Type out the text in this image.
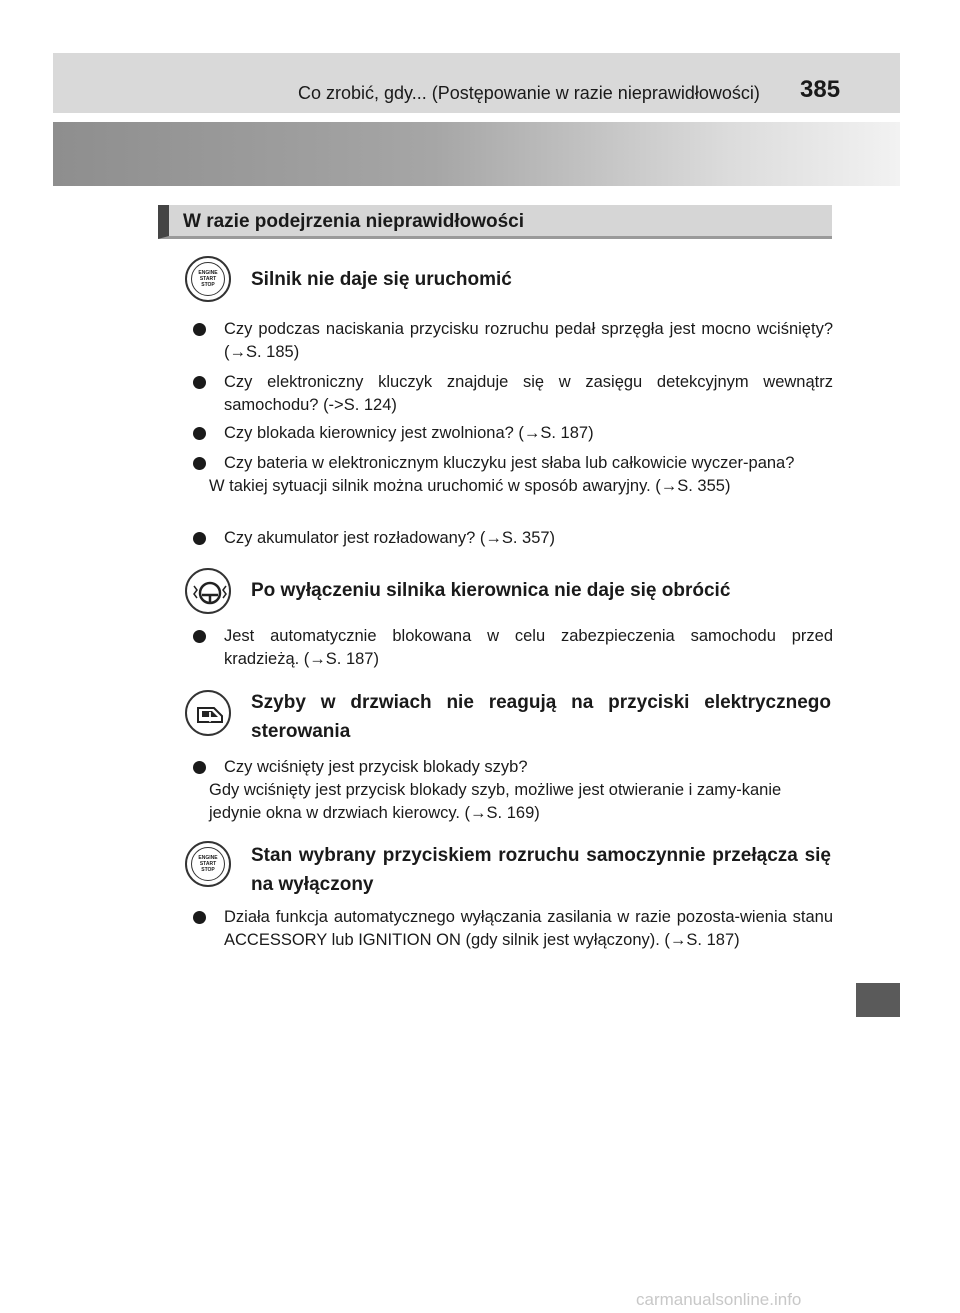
Co zrobić, gdy... (Postępowanie w razie nieprawidłowości) 385
W razie podejrzenia nieprawidłowości
ENGINE
START
STOP Silnik nie daje się uruchomić
Czy podczas naciskania przycisku rozruchu pedał sprzęgła jest mocno wciśnięty? (→S. 185)
Czy elektroniczny kluczyk znajduje się w zasięgu detekcyjnym wewnątrz samochodu? (->S. 124)
Czy blokada kierownicy jest zwolniona? (→S. 187)
Czy bateria w elektronicznym kluczyku jest słaba lub całkowicie wyczer-pana?
W takiej sytuacji silnik można uruchomić w sposób awaryjny. (→S. 355)
Czy akumulator jest rozładowany? (→S. 357)
Po wyłączeniu silnika kierownica nie daje się obrócić
Jest automatycznie blokowana w celu zabezpieczenia samochodu przed kradzieżą. (→S. 187)
Szyby w drzwiach nie reagują na przyciski elektrycznego sterowania
Czy wciśnięty jest przycisk blokady szyb?
Gdy wciśnięty jest przycisk blokady szyb, możliwe jest otwieranie i zamy-kanie jedynie okna w drzwiach kierowcy. (→S. 169)
ENGINE
START
STOP
Stan wybrany przyciskiem rozruchu samoczynnie przełącza się na wyłączony
Działa funkcja automatycznego wyłączania zasilania w razie pozosta-wienia stanu ACCESSORY lub IGNITION ON (gdy silnik jest wyłączony). (→S. 187)
carmanualsonline.info
